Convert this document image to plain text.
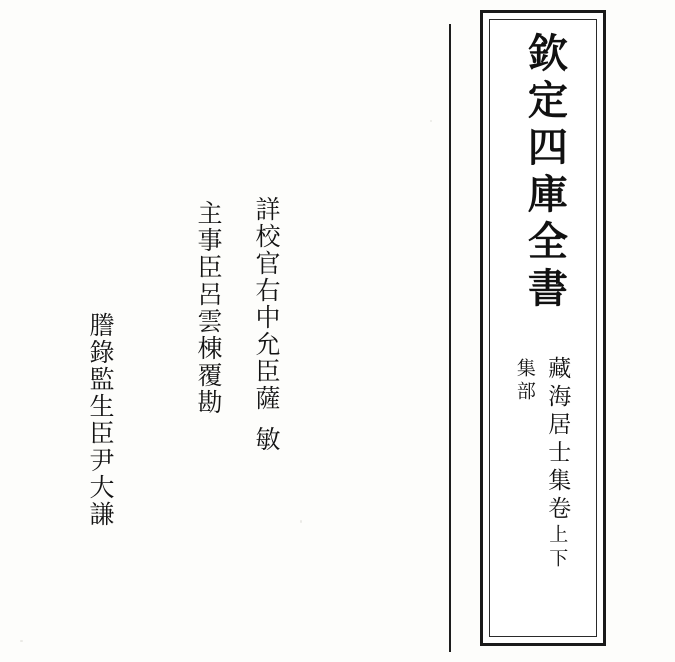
欽定四庫全書
集部 藏海居士集卷上下
詳校官右中允臣薩敏
主事臣呂雲棟覆勘
謄錄監生臣尹大謙
